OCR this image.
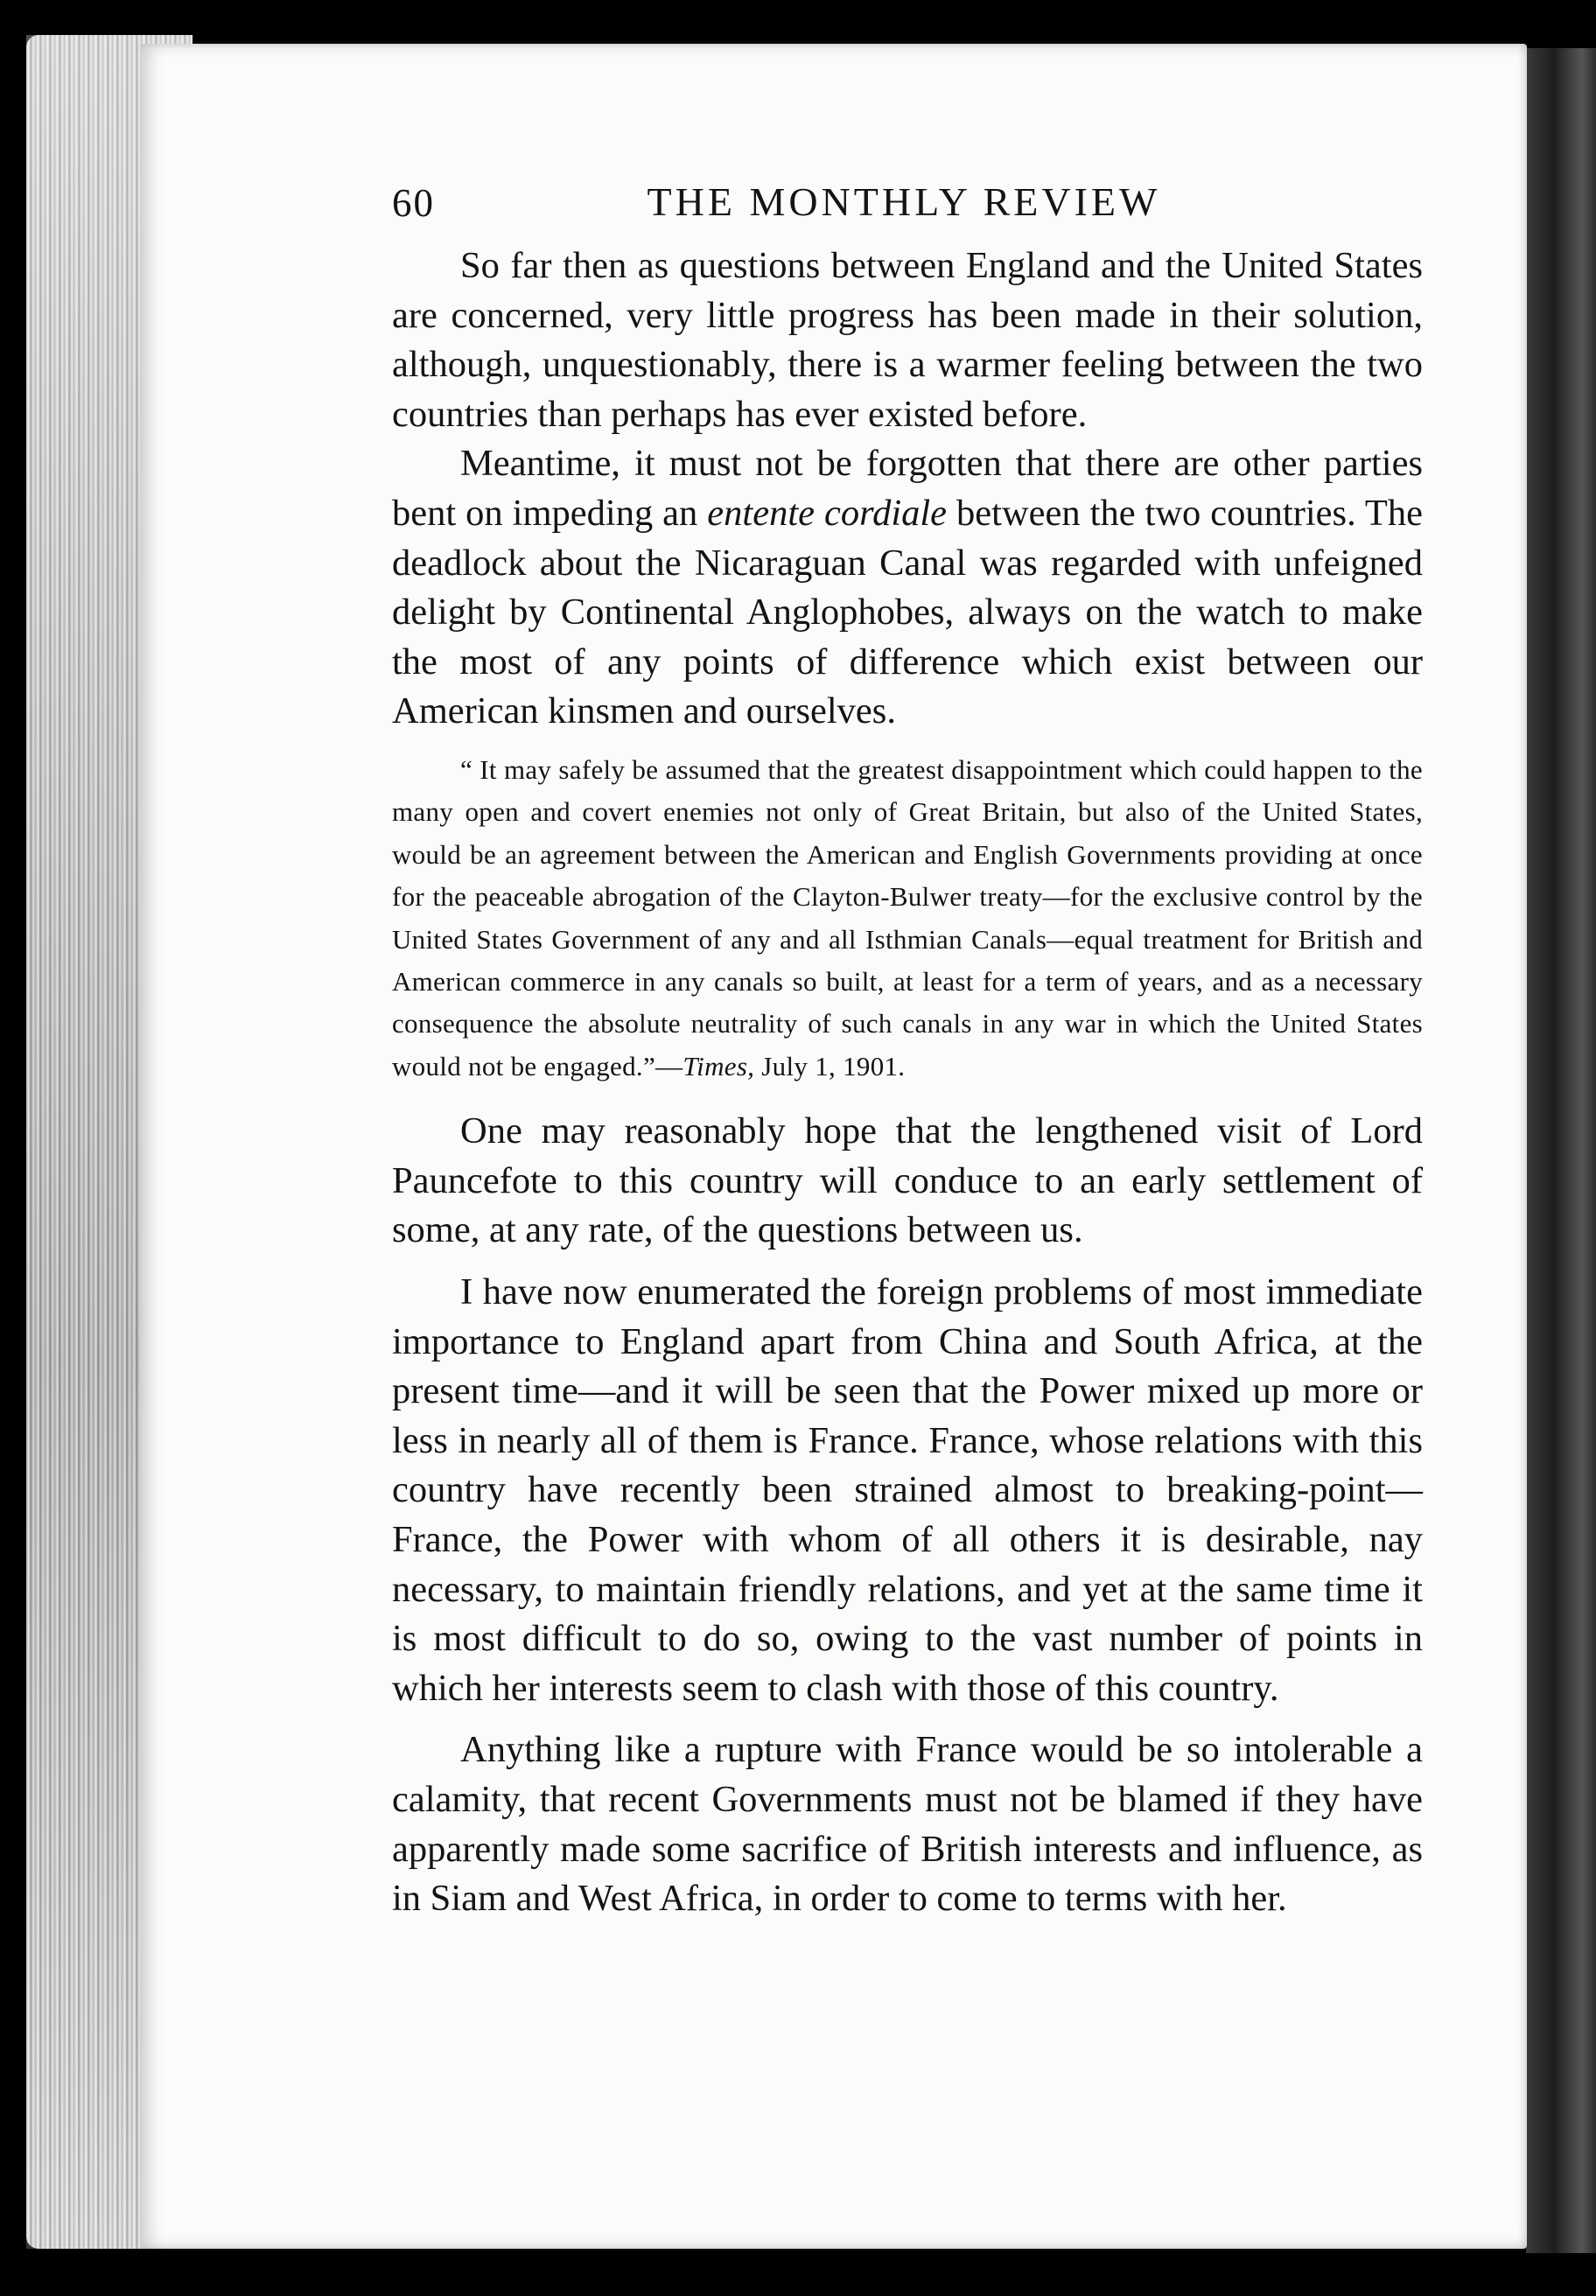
60	THE MONTHLY REVIEW

So far then as questions between England and the United States are concerned, very little progress has been made in their solution, although, unquestionably, there is a warmer feeling between the two countries than perhaps has ever existed before.

Meantime, it must not be forgotten that there are other parties bent on impeding an entente cordiale between the two countries. The deadlock about the Nicaraguan Canal was regarded with unfeigned delight by Continental Anglophobes, always on the watch to make the most of any points of difference which exist between our American kinsmen and ourselves.

“ It may safely be assumed that the greatest disappointment which could happen to the many open and covert enemies not only of Great Britain, but also of the United States, would be an agreement between the American and English Governments providing at once for the peaceable abrogation of the Clayton-Bulwer treaty—for the exclusive control by the United States Government of any and all Isthmian Canals—equal treatment for British and American commerce in any canals so built, at least for a term of years, and as a necessary consequence the absolute neutrality of such canals in any war in which the United States would not be engaged.”—Times, July 1, 1901.

One may reasonably hope that the lengthened visit of Lord Pauncefote to this country will conduce to an early settlement of some, at any rate, of the questions between us.

I have now enumerated the foreign problems of most immediate importance to England apart from China and South Africa, at the present time—and it will be seen that the Power mixed up more or less in nearly all of them is France. France, whose relations with this country have recently been strained almost to breaking-point—France, the Power with whom of all others it is desirable, nay necessary, to maintain friendly relations, and yet at the same time it is most difficult to do so, owing to the vast number of points in which her interests seem to clash with those of this country.

Anything like a rupture with France would be so intolerable a calamity, that recent Governments must not be blamed if they have apparently made some sacrifice of British interests and influence, as in Siam and West Africa, in order to come to terms with her.
